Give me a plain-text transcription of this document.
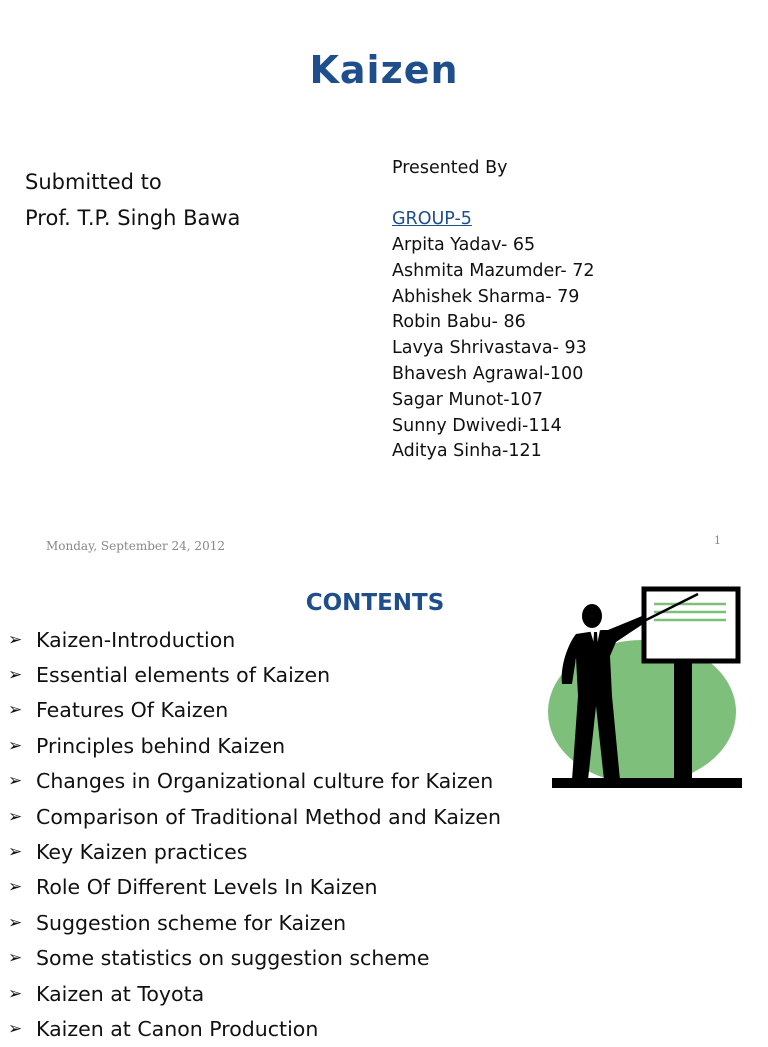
Kaizen
Submitted to
Prof. T.P. Singh Bawa
Presented By
GROUP-5
Arpita Yadav- 65
Ashmita Mazumder- 72
Abhishek Sharma- 79
Robin Babu- 86
Lavya Shrivastava- 93
Bhavesh Agrawal-100
Sagar Munot-107
Sunny Dwivedi-114
Aditya Sinha-121
Monday, September 24, 2012	1
CONTENTS
➢ Kaizen-Introduction
➢ Essential elements of Kaizen
➢ Features Of Kaizen
➢ Principles behind Kaizen
➢ Changes in Organizational culture for Kaizen
➢ Comparison of Traditional Method and Kaizen
➢ Key Kaizen practices
➢ Role Of Different Levels In Kaizen
➢ Suggestion scheme for Kaizen
➢ Some statistics on suggestion scheme
➢ Kaizen at Toyota
➢ Kaizen at Canon Production
